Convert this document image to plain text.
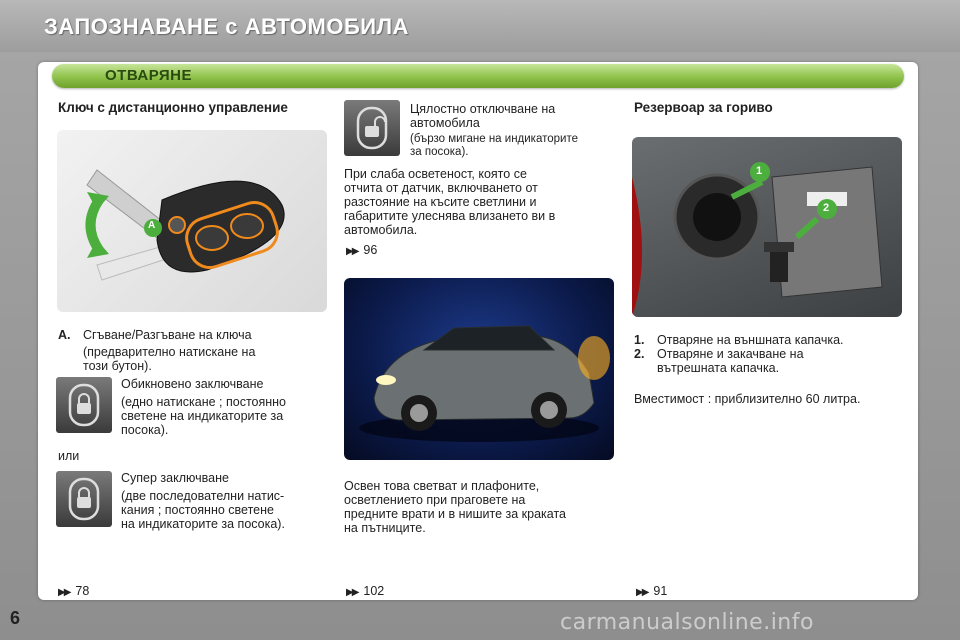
ЗАПОЗНАВАНЕ с АВТОМОБИЛА
ОТВАРЯНЕ
Ключ с дистанционно управление
A
A. Сгъване/Разгъване на ключа
(предварително натискане на
този бутон).
Обикновено заключване
(едно натискане ; постоянно
светене на индикаторите за
посока).
или
Супер заключване
(две последователни натис-
кания ; постоянно светене
на индикаторите за посока).
▶▶ 78
Цялостно отключване на
автомобила
(бързо мигане на индикаторите
за посока).
При слаба осветеност, която се
отчита от датчик, включването от
разстояние на късите светлини и
габаритите улеснява влизането ви в
автомобила.
▶▶ 96
Освен това светват и плафоните,
осветлението при праговете на
предните врати и в нишите за краката
на пътниците.
▶▶ 102
Резервоар за гориво
1
2
1. Отваряне на външната капачка.
2. Отваряне и закачване на
вътрешната капачка.
Вместимост : приблизително 60 литра.
▶▶ 91
6	carmanualsonline.info
